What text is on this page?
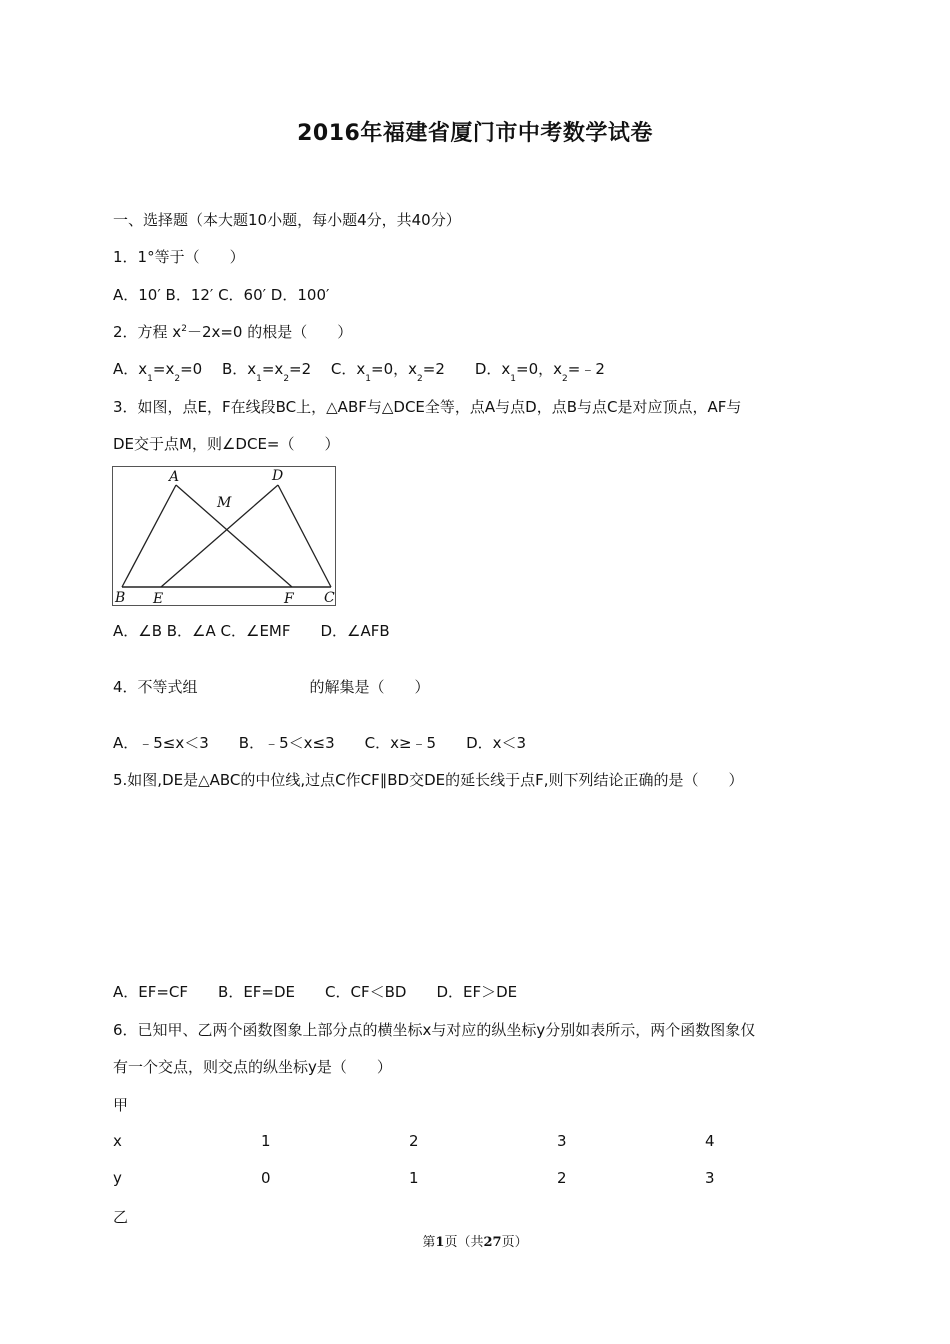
2016年福建省厦门市中考数学试卷
一、选择题（本大题10小题，每小题4分，共40分）
1．1°等于（　　）
A．10′ B．12′ C．60′ D．100′
2．方程 $x^2-2x=0$ 的根是（　　）
A．$x_1=x_2=0$　 B．$x_1=x_2=2$　 C．$x_1=0$，$x_2=2$　　D．$x_1=0$，$x_2=﹣2$
3．如图，点E，F在线段BC上，△ABF与△DCE全等，点A与点D，点B与点C是对应顶点，AF与
DE交于点M，则∠DCE=（　　）
A	D
M
B E	F C
A．∠B B．∠A C．∠EMF　　D．∠AFB
4．不等式组	的解集是（　　）
A．﹣5≤x＜3　　B．﹣5＜x≤3　　C．x≥﹣5　　D．x＜3
5.如图,DE是△ABC的中位线,过点C作CF∥BD交DE的延长线于点F,则下列结论正确的是（　　）
A．EF=CF　　B．EF=DE　　C．CF＜BD　　D．EF＞DE
6．已知甲、乙两个函数图象上部分点的横坐标x与对应的纵坐标y分别如表所示，两个函数图象仅
有一个交点，则交点的纵坐标y是（　　）
甲
x	1	2	3	4
y	0	1	2	3
乙
第1页（共27页）
